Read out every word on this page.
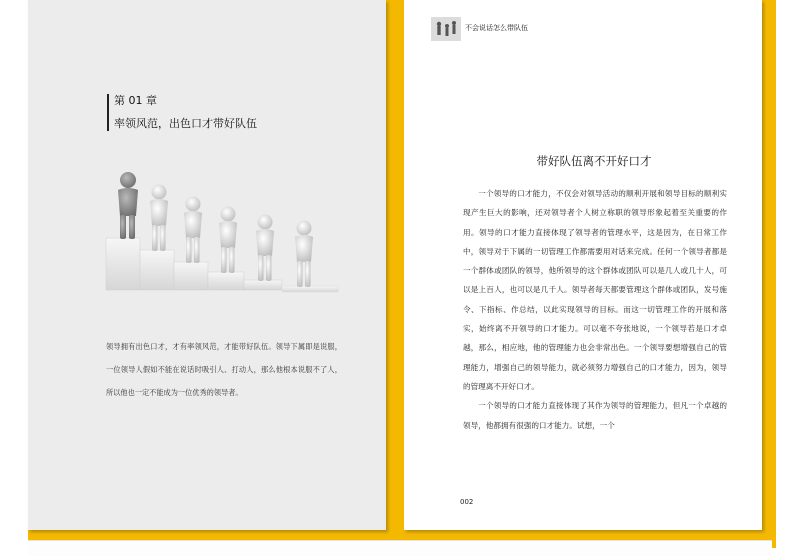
第 01 章
率领风范，出色口才带好队伍

领导拥有出色口才，才有率领风范，才能带好队伍。领导下属即是说服，一位领导人假如不能在说话时吸引人、打动人，那么他根本说服不了人，所以他也一定不能成为一位优秀的领导者。

不会说话怎么带队伍
带好队伍离不开好口才

一个领导的口才能力，不仅会对领导活动的顺利开展和领导目标的顺利实现产生巨大的影响，还对领导者个人树立称职的领导形象起着至关重要的作用。领导的口才能力直接体现了领导者的管理水平，这是因为，在日常工作中，领导对于下属的一切管理工作都需要用对话来完成。任何一个领导者都是一个群体或团队的领导，他所领导的这个群体或团队可以是几人或几十人，可以是上百人，也可以是几千人。领导者每天都要管理这个群体或团队，发号施令、下指标、作总结，以此实现领导的目标。而这一切管理工作的开展和落实，始终离不开领导的口才能力。可以毫不夸张地说，一个领导若是口才卓越，那么，相应地，他的管理能力也会非常出色。一个领导要想增强自己的管理能力，增强自己的领导能力，就必须努力增强自己的口才能力，因为，领导的管理离不开好口才。

一个领导的口才能力直接体现了其作为领导的管理能力，但凡一个卓越的领导，他都拥有很强的口才能力。试想，一个

002
